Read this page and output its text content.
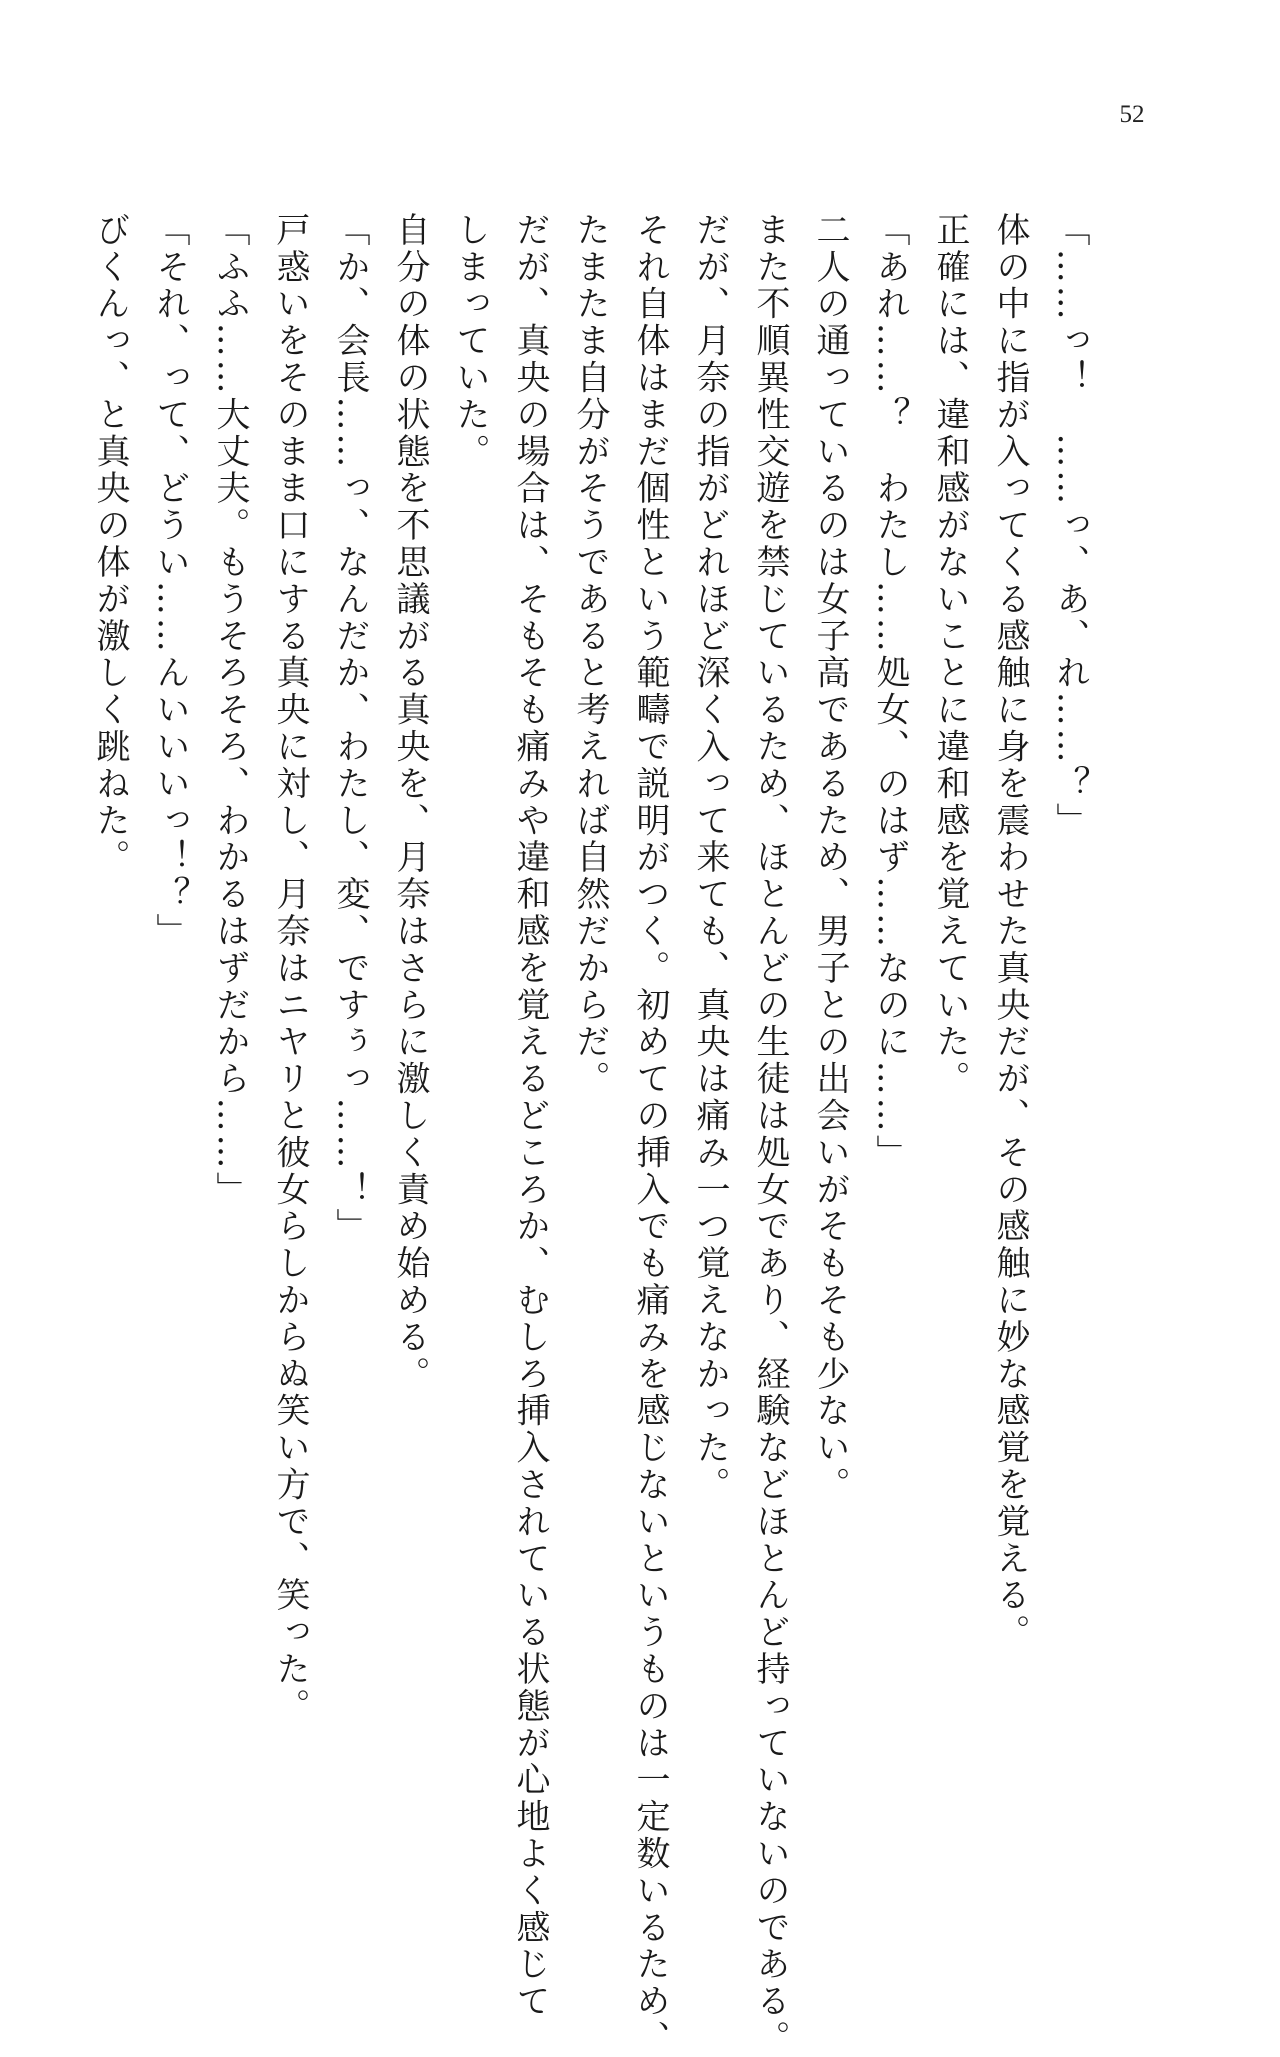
52
「……っ！　……っ、あ、れ……？」
体の中に指が入ってくる感触に身を震わせた真央だが、その感触に妙な感覚を覚える。
正確には、違和感がないことに違和感を覚えていた。
「あれ……？　わたし……処女、のはず……なのに……」
二人の通っているのは女子高であるため、男子との出会いがそもそも少ない。
また不順異性交遊を禁じているため、ほとんどの生徒は処女であり、経験などほとんど持っていないのである。
だが、月奈の指がどれほど深く入って来ても、真央は痛み一つ覚えなかった。
それ自体はまだ個性という範疇で説明がつく。初めての挿入でも痛みを感じないというものは一定数いるため、
たまたま自分がそうであると考えれば自然だからだ。
だが、真央の場合は、そもそも痛みや違和感を覚えるどころか、むしろ挿入されている状態が心地よく感じて
しまっていた。
自分の体の状態を不思議がる真央を、月奈はさらに激しく責め始める。
「か、会長……っ、なんだか、わたし、変、ですぅっ……！」
戸惑いをそのまま口にする真央に対し、月奈はニヤリと彼女らしからぬ笑い方で、笑った。
「ふふ……大丈夫。もうそろそろ、わかるはずだから……」
「それ、って、どうい……んいいいっ！？」
びくんっ、と真央の体が激しく跳ねた。
